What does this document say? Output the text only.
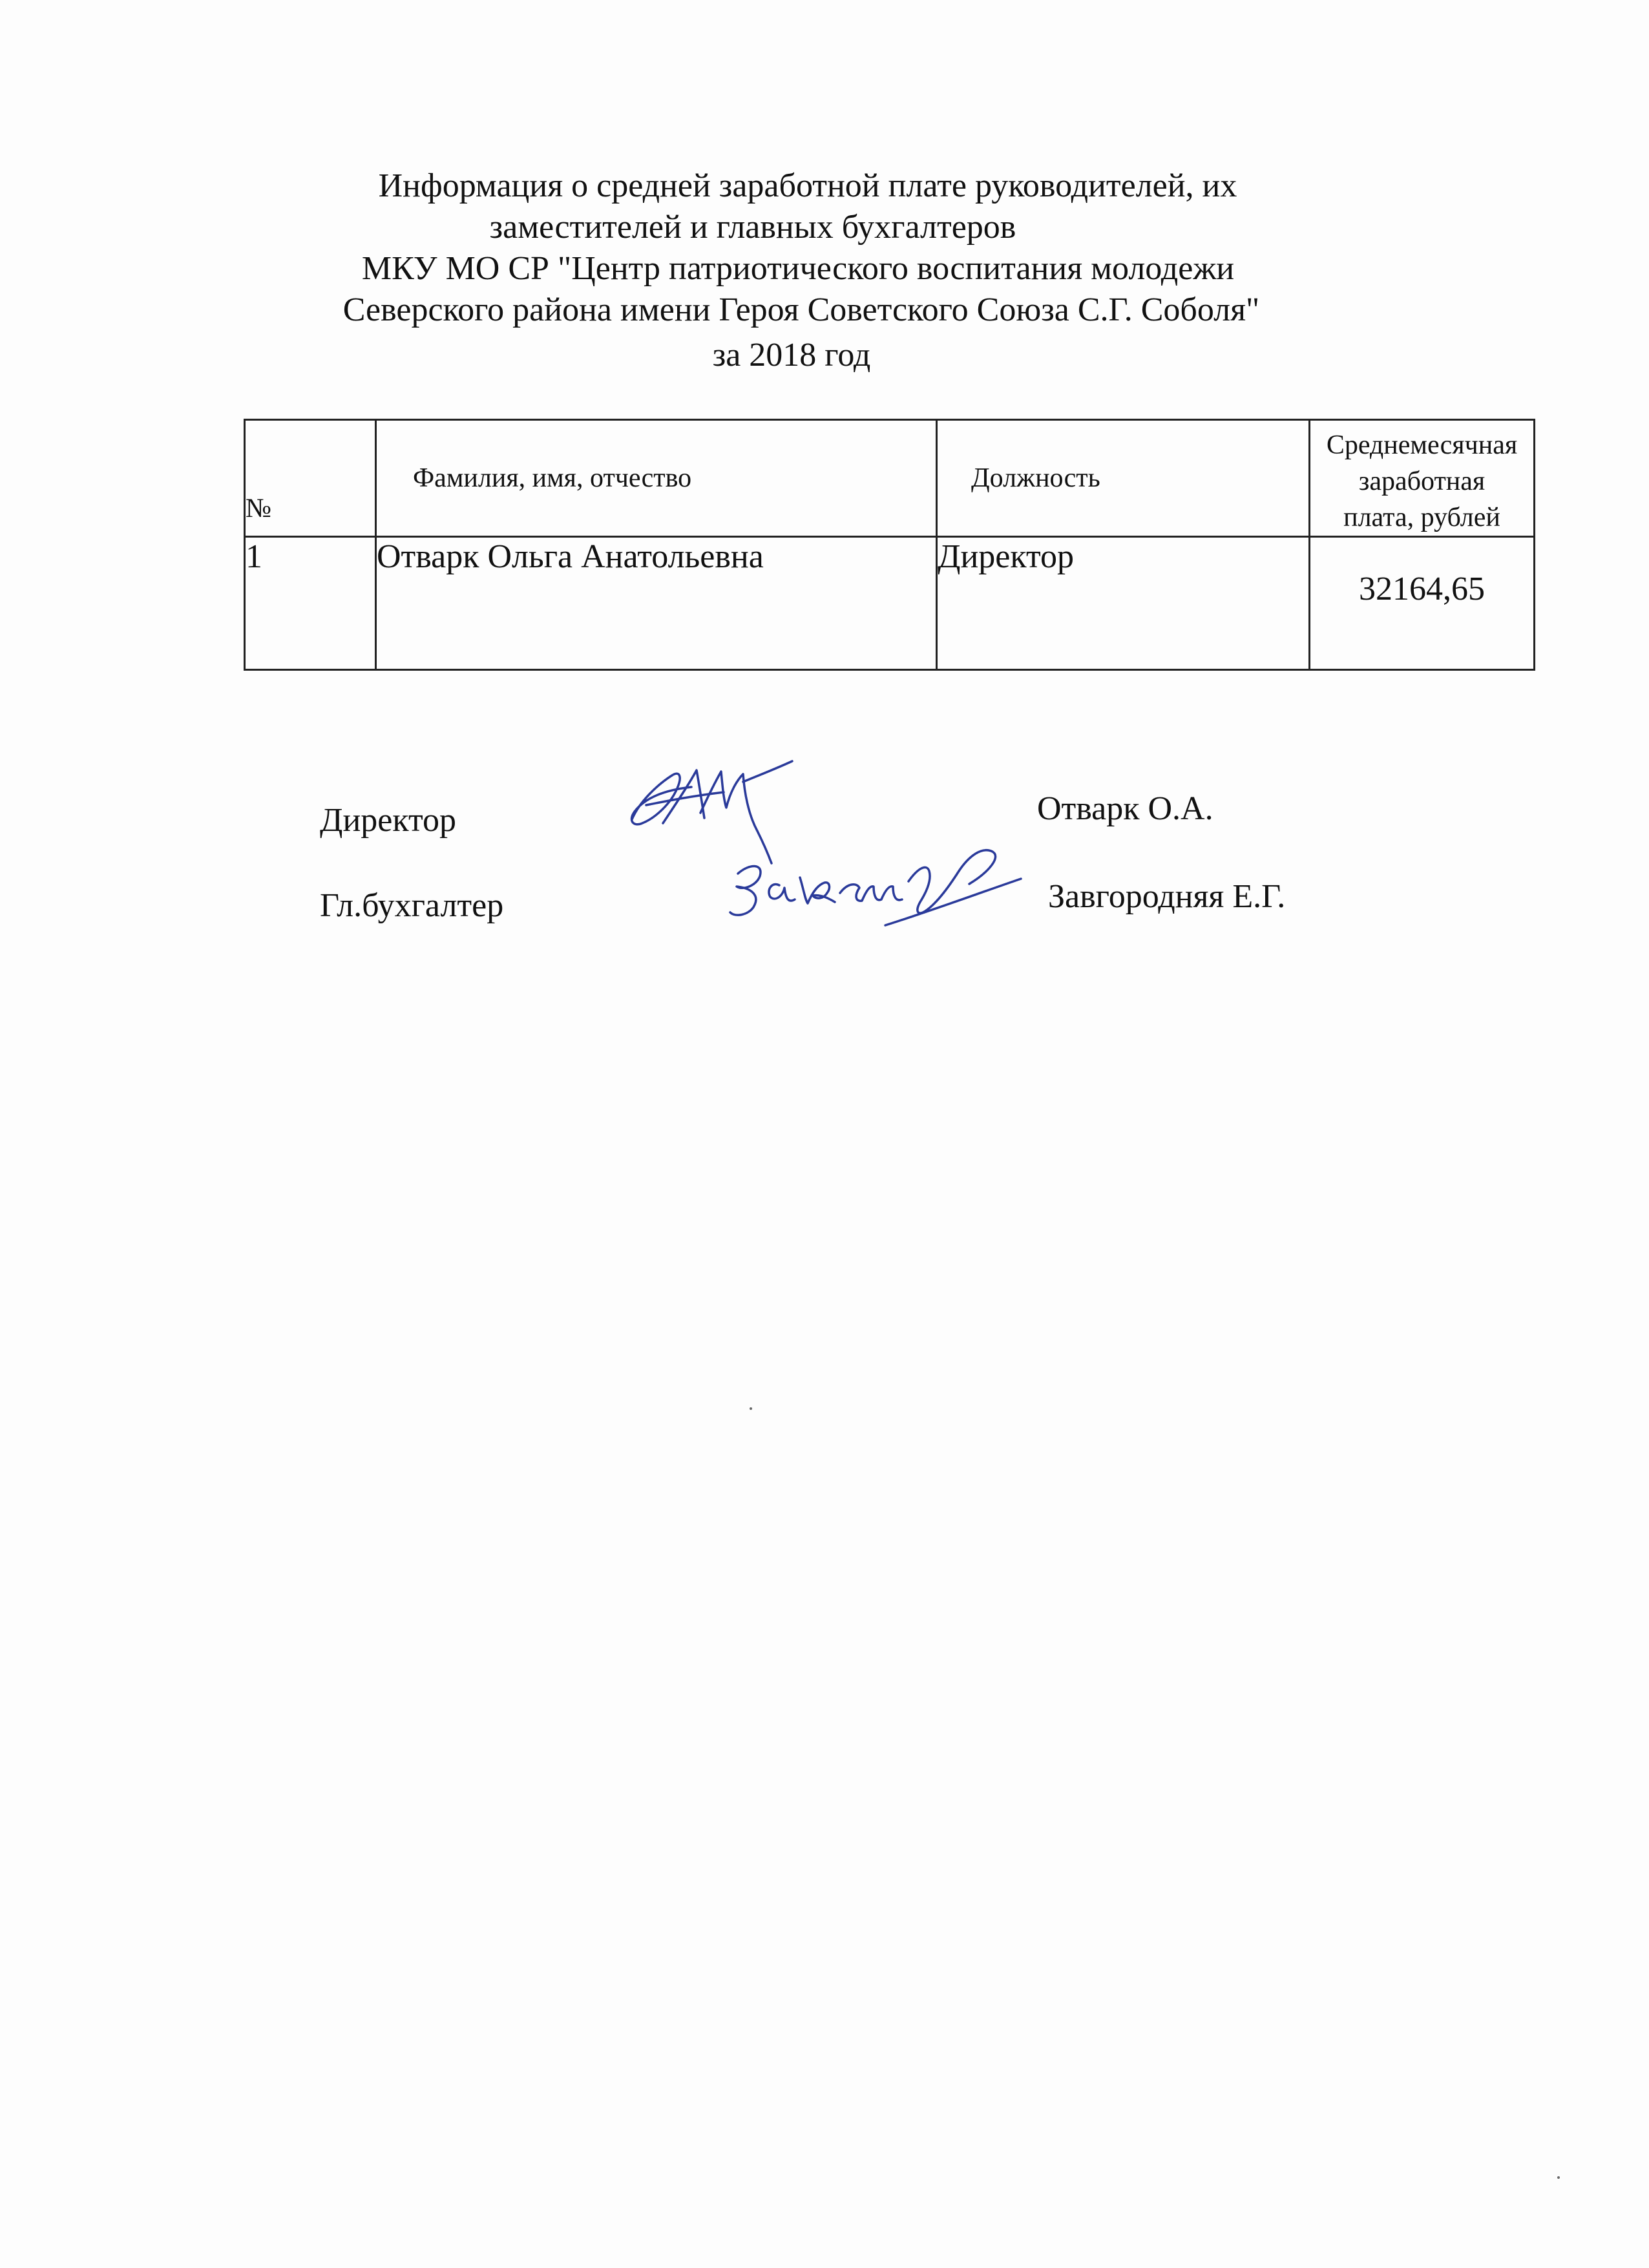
Информация о средней заработной плате руководителей, их

заместителей и главных бухгалтеров

МКУ МО СР "Центр патриотического воспитания молодежи

Северского района имени Героя Советского Союза С.Г. Соболя"

за 2018 год

№	Фамилия, имя, отчество	Должность	Среднемесячная
заработная
плата, рублей

1	Отварк Ольга Анатольевна	Директор	32164,65
Директор	Отварк О.А.
Гл.бухгалтер	Завгородняя Е.Г.
